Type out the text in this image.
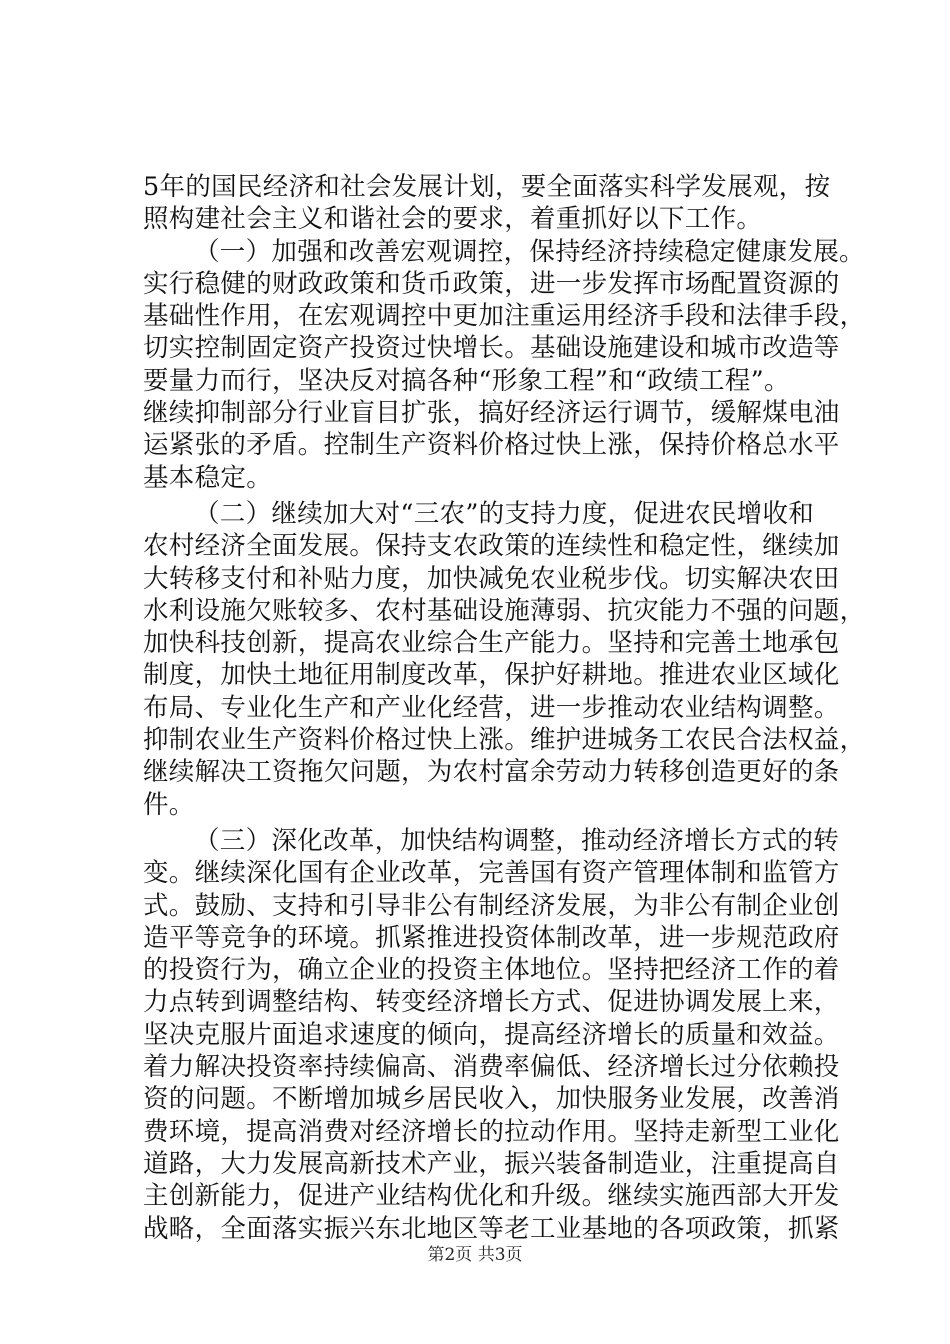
5年的国民经济和社会发展计划，要全面落实科学发展观，按
照构建社会主义和谐社会的要求，着重抓好以下工作。
（一）加强和改善宏观调控，保持经济持续稳定健康发展。
实行稳健的财政政策和货币政策，进一步发挥市场配置资源的
基础性作用，在宏观调控中更加注重运用经济手段和法律手段，
切实控制固定资产投资过快增长。基础设施建设和城市改造等
要量力而行，坚决反对搞各种“形象工程”和“政绩工程”。
继续抑制部分行业盲目扩张，搞好经济运行调节，缓解煤电油
运紧张的矛盾。控制生产资料价格过快上涨，保持价格总水平
基本稳定。
（二）继续加大对“三农”的支持力度，促进农民增收和
农村经济全面发展。保持支农政策的连续性和稳定性，继续加
大转移支付和补贴力度，加快减免农业税步伐。切实解决农田
水利设施欠账较多、农村基础设施薄弱、抗灾能力不强的问题，
加快科技创新，提高农业综合生产能力。坚持和完善土地承包
制度，加快土地征用制度改革，保护好耕地。推进农业区域化
布局、专业化生产和产业化经营，进一步推动农业结构调整。
抑制农业生产资料价格过快上涨。维护进城务工农民合法权益，
继续解决工资拖欠问题，为农村富余劳动力转移创造更好的条
件。
（三）深化改革，加快结构调整，推动经济增长方式的转
变。继续深化国有企业改革，完善国有资产管理体制和监管方
式。鼓励、支持和引导非公有制经济发展，为非公有制企业创
造平等竞争的环境。抓紧推进投资体制改革，进一步规范政府
的投资行为，确立企业的投资主体地位。坚持把经济工作的着
力点转到调整结构、转变经济增长方式、促进协调发展上来，
坚决克服片面追求速度的倾向，提高经济增长的质量和效益。
着力解决投资率持续偏高、消费率偏低、经济增长过分依赖投
资的问题。不断增加城乡居民收入，加快服务业发展，改善消
费环境，提高消费对经济增长的拉动作用。坚持走新型工业化
道路，大力发展高新技术产业，振兴装备制造业，注重提高自
主创新能力，促进产业结构优化和升级。继续实施西部大开发
战略，全面落实振兴东北地区等老工业基地的各项政策，抓紧
第2页 共3页
